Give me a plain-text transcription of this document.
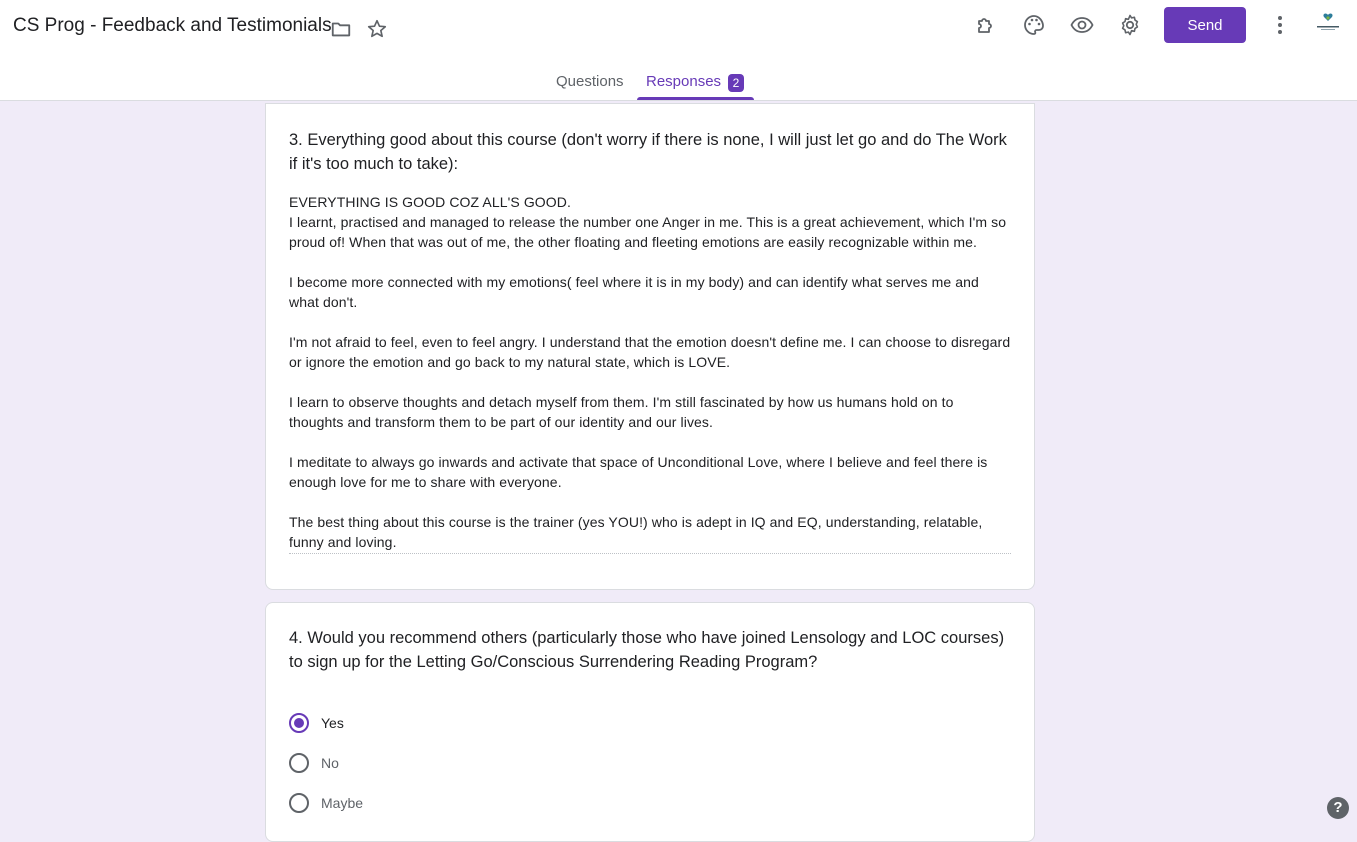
CS Prog - Feedback and Testimonials	Send
Questions Responses 2
3. Everything good about this course (don't worry if there is none, I will just let go and do The Work if it's too much to take):
EVERYTHING IS GOOD COZ ALL'S GOOD.
I learnt, practised and managed to release the number one Anger in me. This is a great achievement, which I'm so proud of! When that was out of me, the other floating and fleeting emotions are easily recognizable within me.

I become more connected with my emotions( feel where it is in my body) and can identify what serves me and what don't.

I'm not afraid to feel, even to feel angry. I understand that the emotion doesn't define me. I can choose to disregard or ignore the emotion and go back to my natural state, which is LOVE.

I learn to observe thoughts and detach myself from them. I'm still fascinated by how us humans hold on to thoughts and transform them to be part of our identity and our lives.

I meditate to always go inwards and activate that space of Unconditional Love, where I believe and feel there is enough love for me to share with everyone.

The best thing about this course is the trainer (yes YOU!) who is adept in IQ and EQ, understanding, relatable, funny and loving.
4. Would you recommend others (particularly those who have joined Lensology and LOC courses) to sign up for the Letting Go/Conscious Surrendering Reading Program?
Yes
No
Maybe	?
